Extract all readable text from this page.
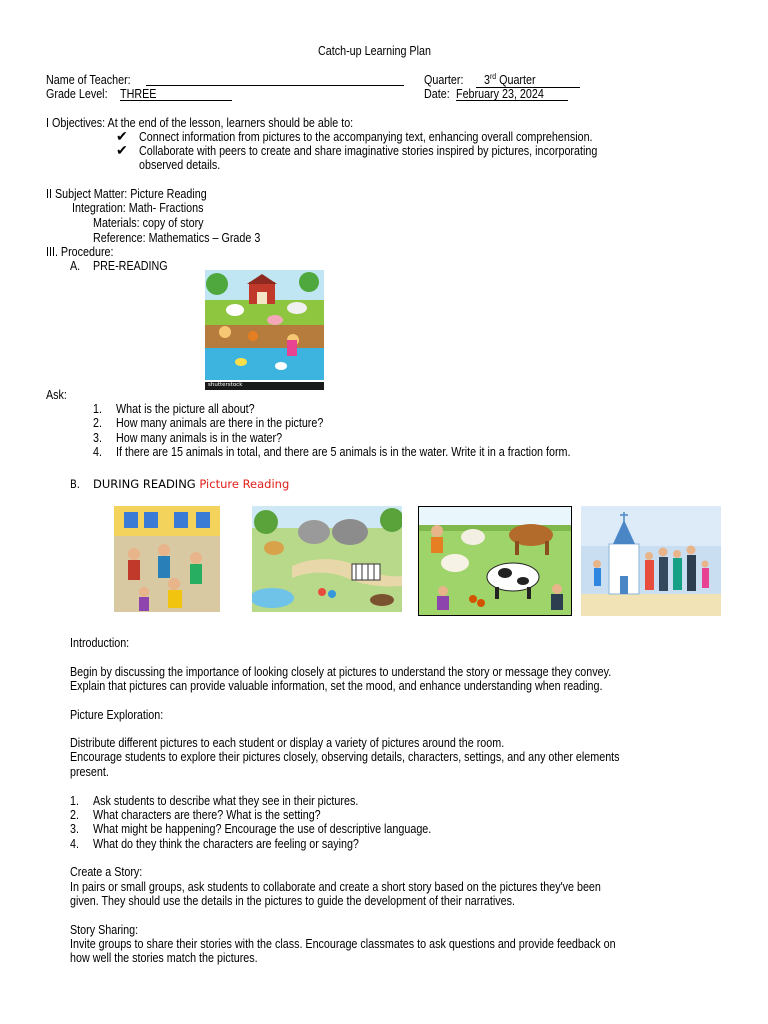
Catch-up Learning Plan
Name of Teacher:	Quarter: 3rd Quarter
Grade Level: THREE	Date: February 23, 2024
I Objectives: At the end of the lesson, learners should be able to:
✔ Connect information from pictures to the accompanying text, enhancing overall comprehension.
✔ Collaborate with peers to create and share imaginative stories inspired by pictures, incorporating
observed details.
II Subject Matter: Picture Reading
Integration: Math- Fractions
Materials: copy of story
Reference: Mathematics – Grade 3
III. Procedure:
A. PRE-READING
shutterstock
Ask:
1. What is the picture all about?
2. How many animals are there in the picture?
3. How many animals is in the water?
4. If there are 15 animals in total, and there are 5 animals is in the water. Write it in a fraction form.
B. DURING READING Picture Reading
Introduction:
Begin by discussing the importance of looking closely at pictures to understand the story or message they convey.
Explain that pictures can provide valuable information, set the mood, and enhance understanding when reading.
Picture Exploration:
Distribute different pictures to each student or display a variety of pictures around the room.
Encourage students to explore their pictures closely, observing details, characters, settings, and any other elements
present.
1. Ask students to describe what they see in their pictures.
2. What characters are there? What is the setting?
3. What might be happening? Encourage the use of descriptive language.
4. What do they think the characters are feeling or saying?
Create a Story:
In pairs or small groups, ask students to collaborate and create a short story based on the pictures they've been
given. They should use the details in the pictures to guide the development of their narratives.
Story Sharing:
Invite groups to share their stories with the class. Encourage classmates to ask questions and provide feedback on
how well the stories match the pictures.
